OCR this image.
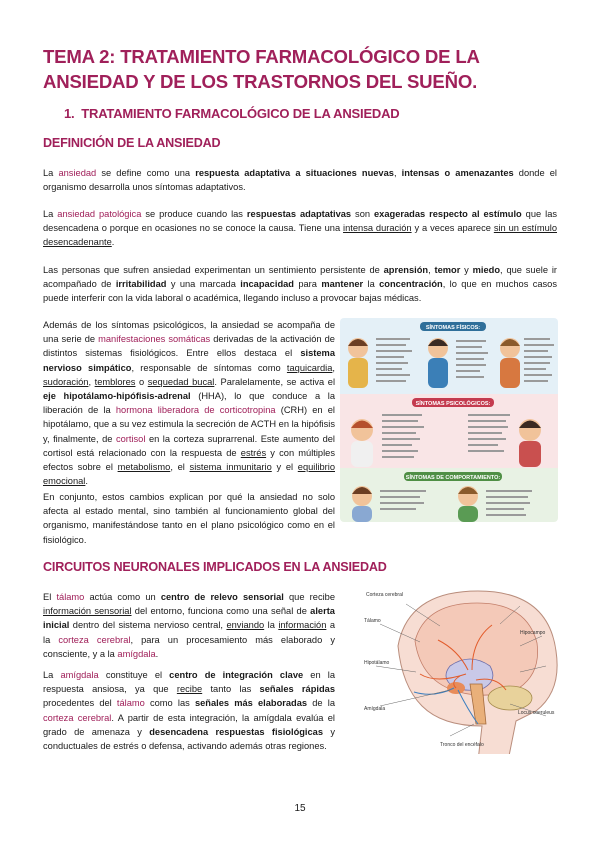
TEMA 2: TRATAMIENTO FARMACOLÓGICO DE LA ANSIEDAD Y DE LOS TRASTORNOS DEL SUEÑO.
1. TRATAMIENTO FARMACOLÓGICO DE LA ANSIEDAD
DEFINICIÓN DE LA ANSIEDAD
La ansiedad se define como una respuesta adaptativa a situaciones nuevas, intensas o amenazantes donde el organismo desarrolla unos síntomas adaptativos.
La ansiedad patológica se produce cuando las respuestas adaptativas son exageradas respecto al estímulo que las desencadena o porque en ocasiones no se conoce la causa. Tiene una intensa duración y a veces aparece sin un estímulo desencadenante.
Las personas que sufren ansiedad experimentan un sentimiento persistente de aprensión, temor y miedo, que suele ir acompañado de irritabilidad y una marcada incapacidad para mantener la concentración, lo que en muchos casos puede interferir con la vida laboral o académica, llegando incluso a provocar bajas médicas.
Además de los síntomas psicológicos, la ansiedad se acompaña de una serie de manifestaciones somáticas derivadas de la activación de distintos sistemas fisiológicos. Entre ellos destaca el sistema nervioso simpático, responsable de síntomas como taquicardia, sudoración, temblores o sequedad bucal. Paralelamente, se activa el eje hipotálamo-hipófisis-adrenal (HHA), lo que conduce a la liberación de la hormona liberadora de corticotropina (CRH) en el hipotálamo, que a su vez estimula la secreción de ACTH en la hipófisis y, finalmente, de cortisol en la corteza suprarrenal. Este aumento del cortisol está relacionado con la respuesta de estrés y con múltiples efectos sobre el metabolismo, el sistema inmunitario y el equilibrio emocional.
En conjunto, estos cambios explican por qué la ansiedad no solo afecta al estado mental, sino también al funcionamiento global del organismo, manifestándose tanto en el plano psicológico como en el fisiológico.
SÍNTOMAS FÍSICOS:
SÍNTOMAS PSICOLÓGICOS:
SÍNTOMAS DE COMPORTAMIENTO:
CIRCUITOS NEURONALES IMPLICADOS EN LA ANSIEDAD
El tálamo actúa como un centro de relevo sensorial que recibe información sensorial del entorno, funciona como una señal de alerta inicial dentro del sistema nervioso central, enviando la información a la corteza cerebral, para un procesamiento más elaborado y consciente, y a la amígdala.
La amígdala constituye el centro de integración clave en la respuesta ansiosa, ya que recibe tanto las señales rápidas procedentes del tálamo como las señales más elaboradas de la corteza cerebral. A partir de esta integración, la amígdala evalúa el grado de amenaza y desencadena respuestas fisiológicas y conductuales de estrés o defensa, activando además otras regiones.
Corteza cerebral
Tálamo
Amígdala
Hipocampo
Hipotálamo
Locus coeruleus
Tronco del encéfalo
15
